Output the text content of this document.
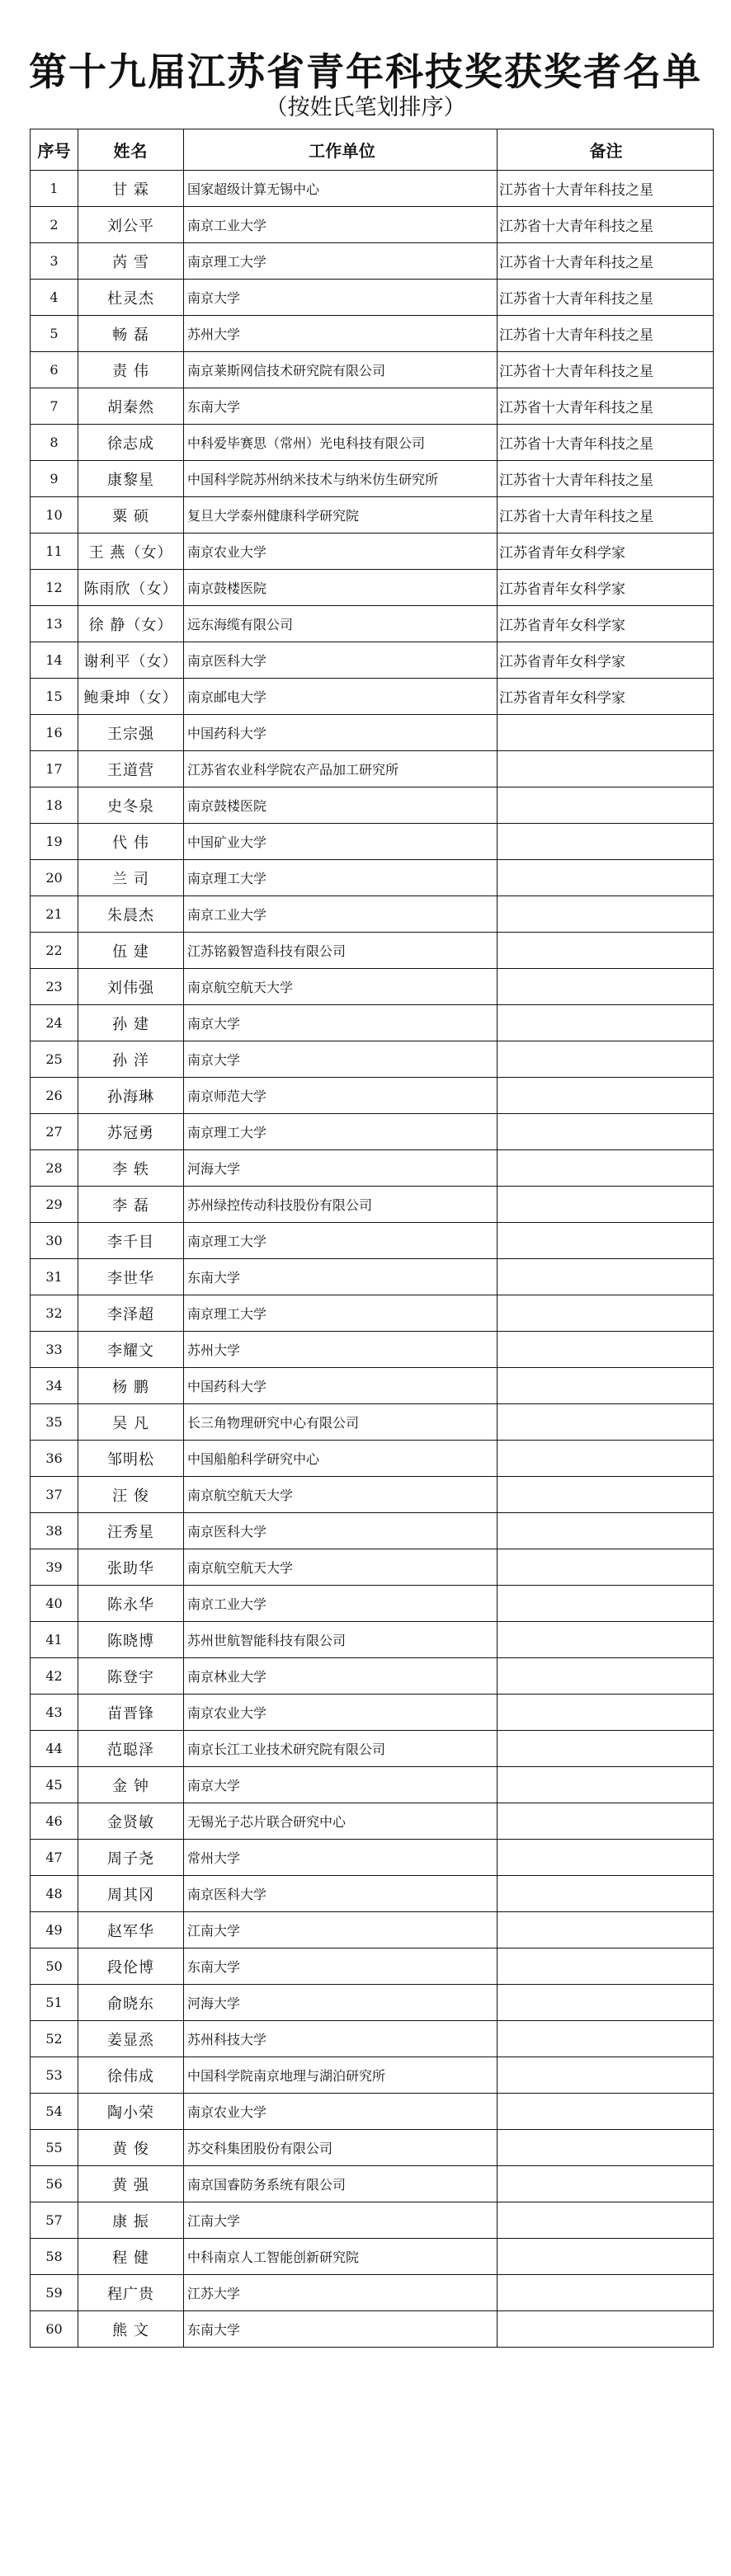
第十九届江苏省青年科技奖获奖者名单
（按姓氏笔划排序）
序号	姓名	工作单位	备注
1	甘 霖	国家超级计算无锡中心	江苏省十大青年科技之星
2	刘公平	南京工业大学	江苏省十大青年科技之星
3	芮 雪	南京理工大学	江苏省十大青年科技之星
4	杜灵杰	南京大学	江苏省十大青年科技之星
5	畅 磊	苏州大学	江苏省十大青年科技之星
6	责 伟	南京莱斯网信技术研究院有限公司	江苏省十大青年科技之星
7	胡秦然	东南大学	江苏省十大青年科技之星
8	徐志成	中科爱毕赛思（常州）光电科技有限公司	江苏省十大青年科技之星
9	康黎星	中国科学院苏州纳米技术与纳米仿生研究所	江苏省十大青年科技之星
10	粟 硕	复旦大学泰州健康科学研究院	江苏省十大青年科技之星
11	王 燕（女）	南京农业大学	江苏省青年女科学家
12	陈雨欣（女）	南京鼓楼医院	江苏省青年女科学家
13	徐 静（女）	远东海缆有限公司	江苏省青年女科学家
14	谢利平（女）	南京医科大学	江苏省青年女科学家
15	鲍秉坤（女）	南京邮电大学	江苏省青年女科学家
16	王宗强	中国药科大学	
17	王道营	江苏省农业科学院农产品加工研究所	
18	史冬泉	南京鼓楼医院	
19	代 伟	中国矿业大学	
20	兰 司	南京理工大学	
21	朱晨杰	南京工业大学	
22	伍 建	江苏铭毅智造科技有限公司	
23	刘伟强	南京航空航天大学	
24	孙 建	南京大学	
25	孙 洋	南京大学	
26	孙海琳	南京师范大学	
27	苏冠勇	南京理工大学	
28	李 轶	河海大学	
29	李 磊	苏州绿控传动科技股份有限公司	
30	李千目	南京理工大学	
31	李世华	东南大学	
32	李泽超	南京理工大学	
33	李耀文	苏州大学	
34	杨 鹏	中国药科大学	
35	吴 凡	长三角物理研究中心有限公司	
36	邹明松	中国船舶科学研究中心	
37	汪 俊	南京航空航天大学	
38	汪秀星	南京医科大学	
39	张助华	南京航空航天大学	
40	陈永华	南京工业大学	
41	陈晓博	苏州世航智能科技有限公司	
42	陈登宇	南京林业大学	
43	苗晋锋	南京农业大学	
44	范聪泽	南京长江工业技术研究院有限公司	
45	金 钟	南京大学	
46	金贤敏	无锡光子芯片联合研究中心	
47	周子尧	常州大学	
48	周其冈	南京医科大学	
49	赵军华	江南大学	
50	段伦博	东南大学	
51	俞晓东	河海大学	
52	姜显烝	苏州科技大学	
53	徐伟成	中国科学院南京地理与湖泊研究所	
54	陶小荣	南京农业大学	
55	黄 俊	苏交科集团股份有限公司	
56	黄 强	南京国睿防务系统有限公司	
57	康 振	江南大学	
58	程 健	中科南京人工智能创新研究院	
59	程广贵	江苏大学	
60	熊 文	东南大学	
